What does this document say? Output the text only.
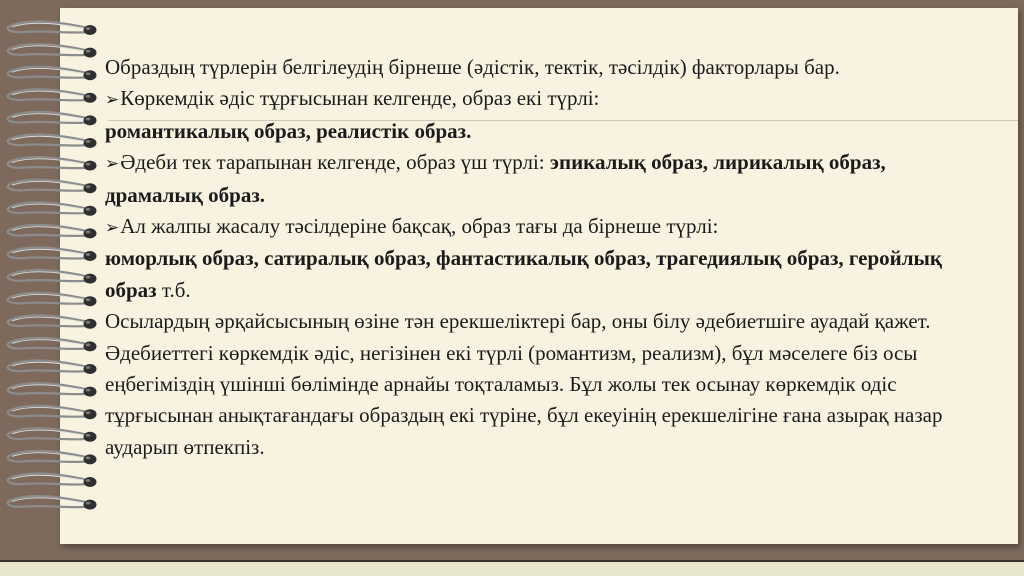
Образдың түрлерін белгілеудің бірнеше (әдістік, тектік, тәсілдік) факторлары бар.

➢Көркемдік әдіс тұрғысынан келгенде, образ екі түрлі:
романтикалық образ, реалистік образ.

➢Әдеби тек тарапынан келгенде, образ үш түрлі: эпикалық образ, лирикалық образ, драмалық образ.

➢Ал жалпы жасалу тәсілдеріне бақсақ, образ тағы да бірнеше түрлі:
юморлық образ, сатиралық образ, фантастикалық образ, трагедиялық образ, геройлық образ т.б.

Осылардың әрқайсысының өзіне тән ерекшеліктері бар, оны білу әдебиетшіге ауадай қажет. Әдебиеттегі көркемдік әдіс, негізінен екі түрлі (романтизм, реализм), бұл мәселеге біз осы еңбегіміздің үшінші бөлімінде арнайы тоқталамыз. Бұл жолы тек осынау көркемдік одіс тұрғысынан анықтағандағы образдың екі түріне, бұл екеуінің ерекшелігіне ғана азырақ назар аударып өтпекпіз.
